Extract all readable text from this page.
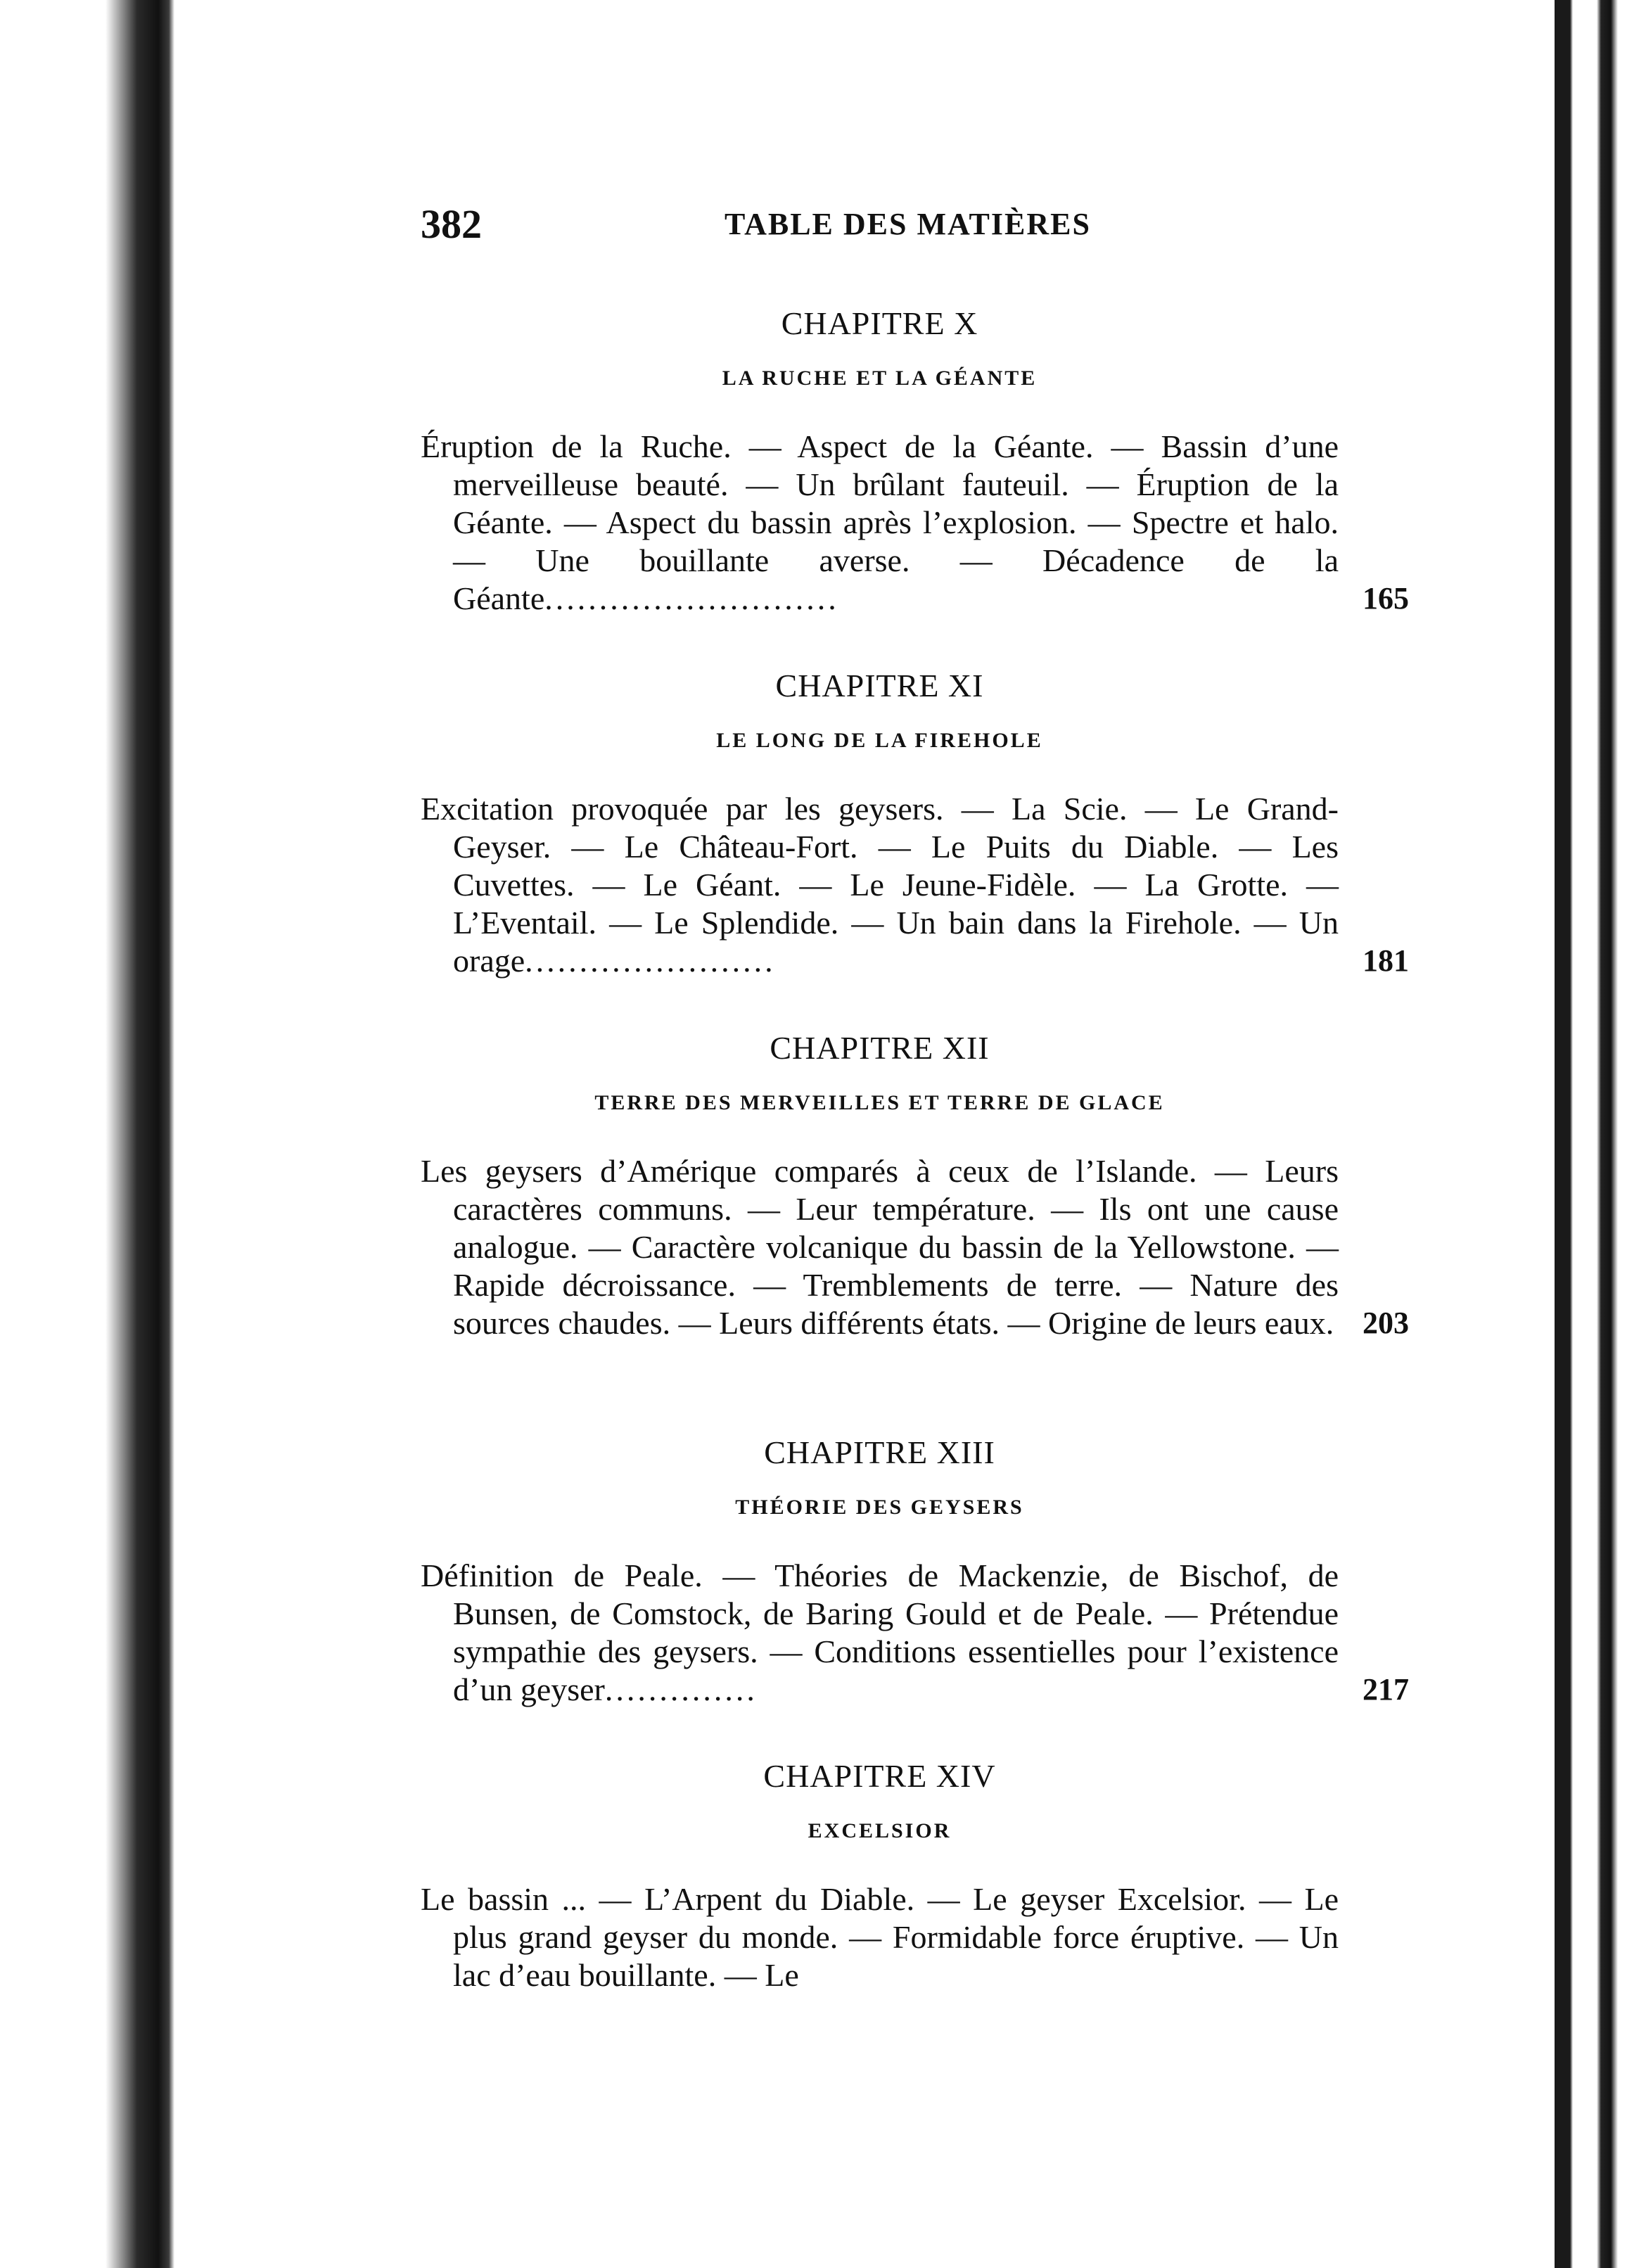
382	TABLE DES MATIÈRES
CHAPITRE X
LA RUCHE ET LA GÉANTE
Éruption de la Ruche. — Aspect de la Géante. — Bassin d’une merveilleuse beauté. — Un brûlant fauteuil. — Éruption de la Géante. — Aspect du bassin après l’explosion. — Spectre et halo. — Une bouillante averse. — Décadence de la Géante...........................	165
CHAPITRE XI
LE LONG DE LA FIREHOLE
Excitation provoquée par les geysers. — La Scie. — Le Grand-Geyser. — Le Château-Fort. — Le Puits du Diable. — Les Cuvettes. — Le Géant. — Le Jeune-Fidèle. — La Grotte. — L’Eventail. — Le Splendide. — Un bain dans la Firehole. — Un orage.......................	181
CHAPITRE XII
TERRE DES MERVEILLES ET TERRE DE GLACE
Les geysers d’Amérique comparés à ceux de l’Islande. — Leurs caractères communs. — Leur température. — Ils ont une cause analogue. — Caractère volcanique du bassin de la Yellowstone. — Rapide décroissance. — Tremblements de terre. — Nature des sources chaudes. — Leurs différents états. — Origine de leurs eaux. 203
CHAPITRE XIII
THÉORIE DES GEYSERS
Définition de Peale. — Théories de Mackenzie, de Bischof, de Bunsen, de Comstock, de Baring Gould et de Peale. — Prétendue sympathie des geysers. — Conditions essentielles pour l’existence d’un geyser..............	217
CHAPITRE XIV
EXCELSIOR
Le bassin ... — L’Arpent du Diable. — Le geyser Excelsior. — Le plus grand geyser du monde. — Formidable force éruptive. — Un lac d’eau bouillante. — Le
